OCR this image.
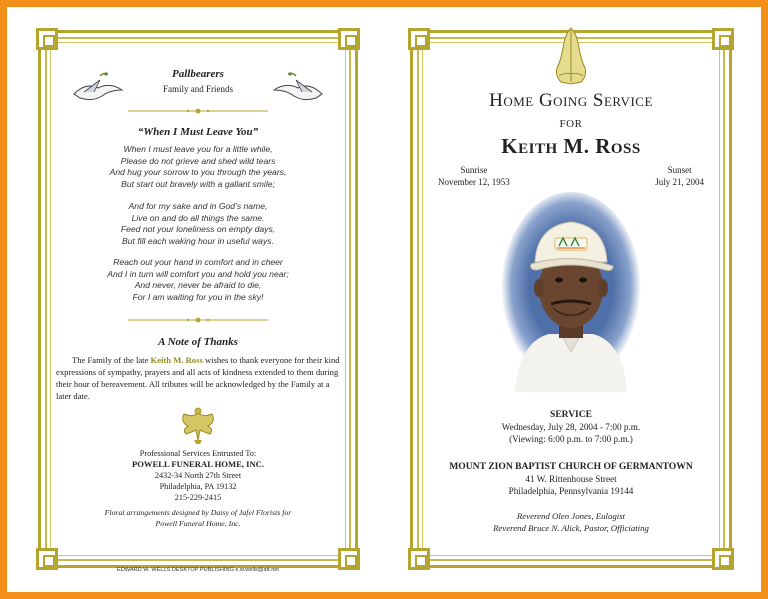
Pallbearers
Family and Friends
“When I Must Leave You”
When I must leave you for a little while,
Please do not grieve and shed wild tears
And hug your sorrow to you through the years,
But start out bravely with a gallant smile;
And for my sake and in God’s name,
Live on and do all things the same.
Feed not your loneliness on empty days,
But fill each waking hour in useful ways.
Reach out your hand in comfort and in cheer
And I in turn will comfort you and hold you near;
And never, never be afraid to die,
For I am waiting for you in the sky!
A Note of Thanks
The Family of the late Keith M. Ross wishes to thank everyone for their kind expressions of sympathy, prayers and all acts of kindness extended to them during their hour of bereavement. All tributes will be acknowledged by the Family at a later date.
Professional Services Entrusted To:
POWELL FUNERAL HOME, INC.
2432-34 North 27th Street
Philadelphia, PA 19132
215-229-2415
Floral arrangements designed by Daisy of Jafel Florists for
Powell Funeral Home, Inc.
EDWARD W. WELLS DESKTOP PUBLISHING e.w.wells@att.net
Home Going Service
FOR
Keith M. Ross
Sunrise
November 12, 1953
Sunset
July 21, 2004
SERVICE
Wednesday, July 28, 2004 - 7:00 p.m.
(Viewing: 6:00 p.m. to 7:00 p.m.)
MOUNT ZION BAPTIST CHURCH OF GERMANTOWN
41 W. Rittenhouse Street
Philadelphia, Pennsylvania 19144
Reverend Olen Jones, Eulogist
Reverend Bruce N. Alick, Pastor, Officiating
